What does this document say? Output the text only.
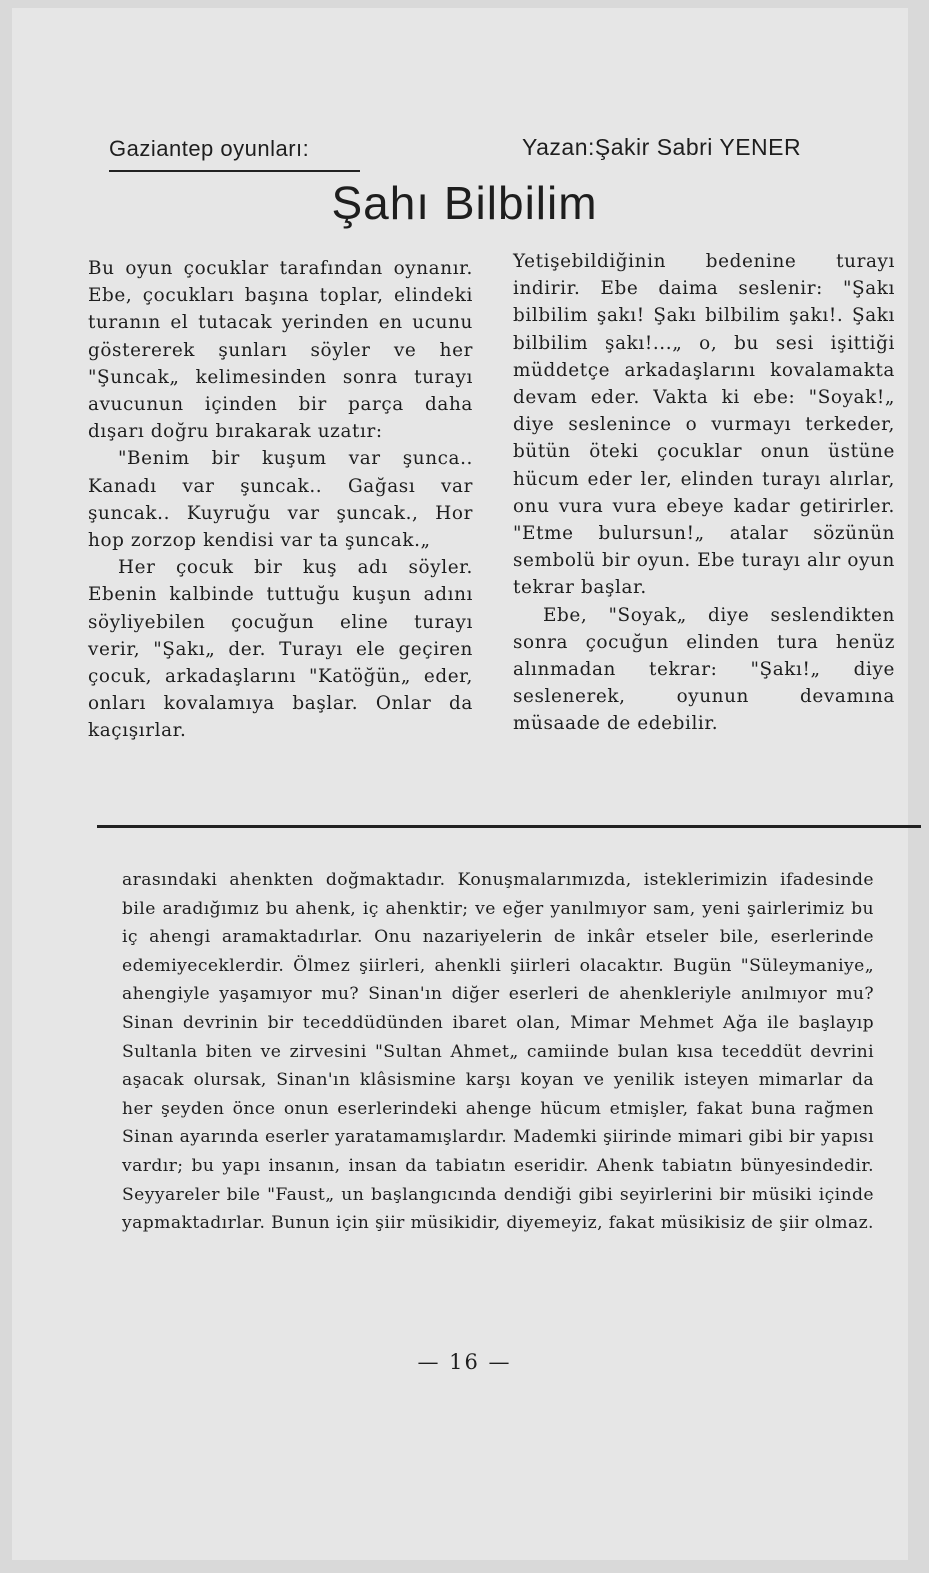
Gaziantep oyunları:	Yazan:Şakir Sabri YENER
Şahı Bilbilim

Bu oyun çocuklar tarafından oynanır. Ebe, çocukları başına toplar, elindeki turanın el tutacak yerinden en ucunu göstererek şunları söyler ve her "Şuncak„ kelimesinden sonra turayı avucunun içinden bir parça daha dışarı doğru bırakarak uzatır:

"Benim bir kuşum var şunca.. Kanadı var şuncak.. Gağası var şuncak.. Kuyruğu var şuncak., Hor hop zorzop kendisi var ta şuncak.„

Her çocuk bir kuş adı söyler. Ebenin kalbinde tuttuğu kuşun adını söyliyebilen çocuğun eline turayı verir, "Şakı„ der. Turayı ele geçiren çocuk, arkadaşlarını "Katöğün„ eder, onları kovalamıya başlar. Onlar da kaçışırlar.

Yetişebildiğinin bedenine turayı indirir. Ebe daima seslenir: "Şakı bilbilim şakı! Şakı bilbilim şakı!. Şakı bilbilim şakı!...„ o, bu sesi işittiği müddetçe arkadaşlarını kovalamakta devam eder. Vakta ki ebe: "Soyak!„ diye seslenince o vurmayı terkeder, bütün öteki çocuklar onun üstüne hücum eder ler, elinden turayı alırlar, onu vura vura ebeye kadar getirirler. "Etme bulursun!„ atalar sözünün sembolü bir oyun. Ebe turayı alır oyun tekrar başlar.

Ebe, "Soyak„ diye seslendikten sonra çocuğun elinden tura henüz alınmadan tekrar: "Şakı!„ diye seslenerek, oyunun devamına müsaade de edebilir.

arasındaki ahenkten doğmaktadır. Konuşmalarımızda, isteklerimizin ifadesinde bile aradığımız bu ahenk, iç ahenktir; ve eğer yanılmıyor sam, yeni şairlerimiz bu iç ahengi aramaktadırlar. Onu nazariyelerin de inkâr etseler bile, eserlerinde edemiyeceklerdir. Ölmez şiirleri, ahenkli şiirleri olacaktır. Bugün "Süleymaniye„ ahengiyle yaşamıyor mu? Sinan'ın diğer eserleri de ahenkleriyle anılmıyor mu? Sinan devrinin bir teceddüdünden ibaret olan, Mimar Mehmet Ağa ile başlayıp Sultanla biten ve zirvesini "Sultan Ahmet„ camiinde bulan kısa teceddüt devrini aşacak olursak, Sinan'ın klâsismine karşı koyan ve yenilik isteyen mimarlar da her şeyden önce onun eserlerindeki ahenge hücum etmişler, fakat buna rağmen Sinan ayarında eserler yaratamamışlardır. Mademki şiirinde mimari gibi bir yapısı vardır; bu yapı insanın, insan da tabiatın eseridir. Ahenk tabiatın bünyesindedir. Seyyareler bile "Faust„ un başlangıcında dendiği gibi seyirlerini bir müsiki içinde yapmaktadırlar. Bunun için şiir müsikidir, diyemeyiz, fakat müsikisiz de şiir olmaz.

— 16 —
